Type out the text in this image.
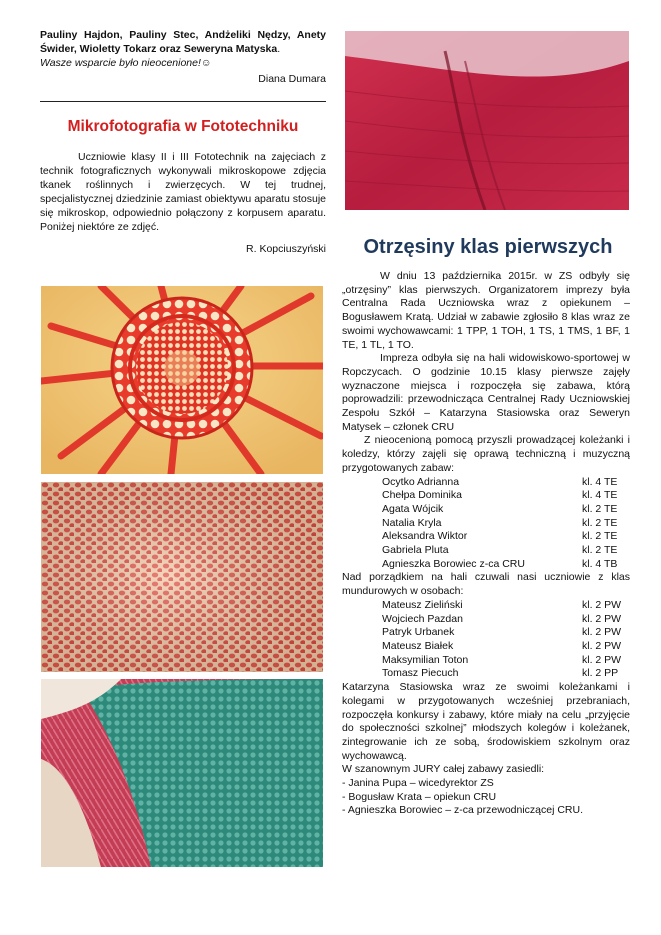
Pauliny Hajdon, Pauliny Stec, Andżeliki Nędzy, Anety Świder, Wioletty Tokarz oraz Seweryna Matyska.

Wasze wsparcie było nieocenione!☺

Diana Dumara

Mikrofotografia w Fototechniku

Uczniowie klasy II i III Fototechnik na zajęciach z technik fotograficznych wykonywali mikroskopowe zdjęcia tkanek roślinnych i zwierzęcych. W tej trudnej, specjalistycznej dziedzinie zamiast obiektywu aparatu stosuje się mikroskop, odpowiednio połączony z korpusem aparatu. Poniżej niektóre ze zdjęć.

R. Kopciuszyński	Otrzęsiny klas pierwszych

W dniu 13 października 2015r. w ZS odbyły się „otrzęsiny” klas pierwszych. Organizatorem imprezy była Centralna Rada Uczniowska wraz z opiekunem – Bogusławem Kratą. Udział w zabawie zgłosiło 8 klas wraz ze swoimi wychowawcami: 1 TPP, 1 TOH, 1 TS, 1 TMS, 1 BF, 1 TE, 1 TL, 1 TO.

Impreza odbyła się na hali widowiskowo-sportowej w Ropczycach. O godzinie 10.15 klasy pierwsze zajęły wyznaczone miejsca i rozpoczęła się zabawa, którą poprowadzili: przewodnicząca Centralnej Rady Uczniowskiej Zespołu Szkół – Katarzyna Stasiowska oraz Seweryn Matysek – członek CRU

Z nieocenioną pomocą przyszli prowadzącej koleżanki i koledzy, którzy zajęli się oprawą techniczną i muzyczną przygotowanych zabaw:

Ocytko Adrianna	kl. 4 TE
Chełpa Dominika	kl. 4 TE
Agata Wójcik	kl. 2 TE
Natalia Kryla	kl. 2 TE
Aleksandra Wiktor	kl. 2 TE
Gabriela Pluta	kl. 2 TE
Agnieszka Borowiec z-ca CRU	kl. 4 TB

Nad porządkiem na hali czuwali nasi uczniowie z klas mundurowych w osobach:

Mateusz Zieliński	kl. 2 PW
Wojciech Pazdan	kl. 2 PW
Patryk Urbanek	kl. 2 PW
Mateusz Białek	kl. 2 PW
Maksymilian Toton	kl. 2 PW
Tomasz Piecuch	kl. 2 PP

Katarzyna Stasiowska wraz ze swoimi koleżankami i kolegami w przygotowanych wcześniej przebraniach, rozpoczęła konkursy i zabawy, które miały na celu „przyjęcie do społeczności szkolnej” młodszych kolegów i koleżanek, zintegrowanie ich ze sobą, środowiskiem szkolnym oraz wychowawcą.

W szanownym JURY całej zabawy zasiedli:

- Janina Pupa – wicedyrektor ZS

- Bogusław Krata – opiekun CRU

- Agnieszka Borowiec – z-ca przewodniczącej CRU.
